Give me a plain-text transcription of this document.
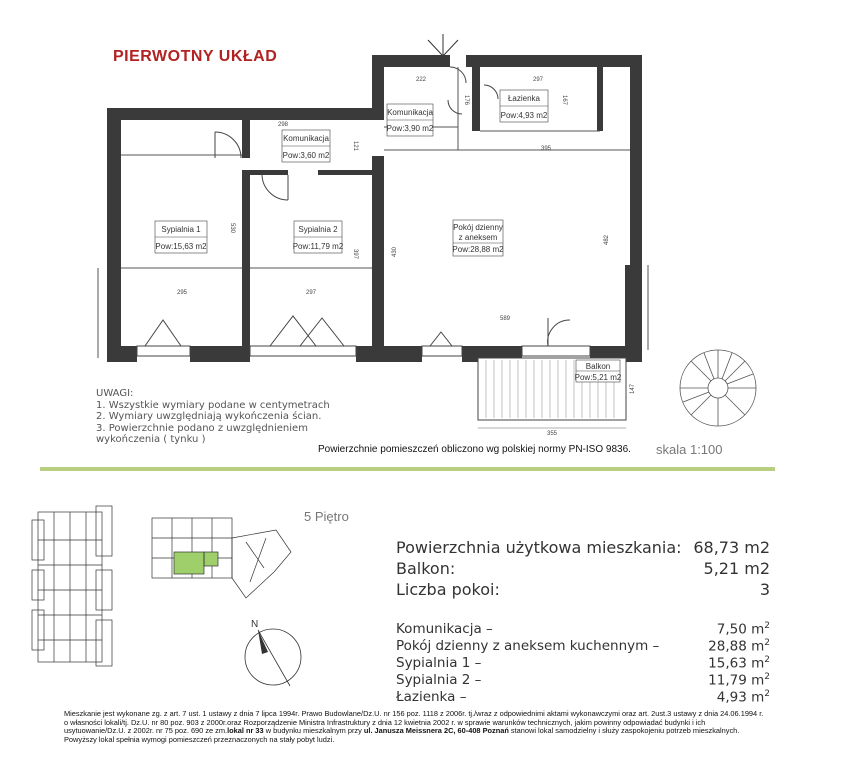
PIERWOTNY UKŁAD
Komunikacja
Pow:3,90 m2
Łazienka
Pow:4,93 m2
Komunikacja
Pow:3,60 m2
Sypialnia 1
Pow:15,63 m2
Sypialnia 2
Pow:11,79 m2
Pokój dzienny
z aneksem
Pow:28,88 m2
Balkon
Pow:5,21 m2
222	297
176	167
298
121	395
530
397	430
482
295	297
589
147
355
UWAGI:
1. Wszystkie wymiary podane w centymetrach
2. Wymiary uwzględniają wykończenia ścian.
3. Powierzchnie podano z uwzględnieniem
wykończenia ( tynku )
Powierzchnie pomieszczeń obliczono wg polskiej normy PN-ISO 9836. skala 1:100
5 Piętro
N
Powierzchnia użytkowa mieszkania: 68,73 m2
Balkon:	5,21 m2
Liczba pokoi:	3
Komunikacja –	7,50 $m^2$
Pokój dzienny z aneksem kuchennym –	28,88 $m^2$
Sypialnia 1 –	15,63 $m^2$
Sypialnia 2 –	11,79 $m^2$
Łazienka –	4,93 $m^2$
Mieszkanie jest wykonane zg. z art. 7 ust. 1 ustawy z dnia 7 lipca 1994r. Prawo Budowlane/Dz.U. nr 156 poz. 1118 z 2006r. tj./wraz z odpowiednimi aktami wykonawczymi oraz art. 2ust.3 ustawy z dnia 24.06.1994 r. o własności lokali/tj. Dz.U. nr 80 poz. 903 z 2000r.oraz Rozporządzenie Ministra Infrastruktury z dnia 12 kwietnia 2002 r. w sprawie warunków technicznych, jakim powinny odpowiadać budynki i ich usytuowanie/Dz.U. z 2002r. nr 75 poz. 690 ze zm.lokal nr 33 w budynku mieszkalnym przy ul. Janusza Meissnera 2C, 60-408 Poznań stanowi lokal samodzielny i służy zaspokojeniu potrzeb mieszkalnych. Powyższy lokal spełnia wymogi pomieszczeń przeznaczonych na stały pobyt ludzi.
